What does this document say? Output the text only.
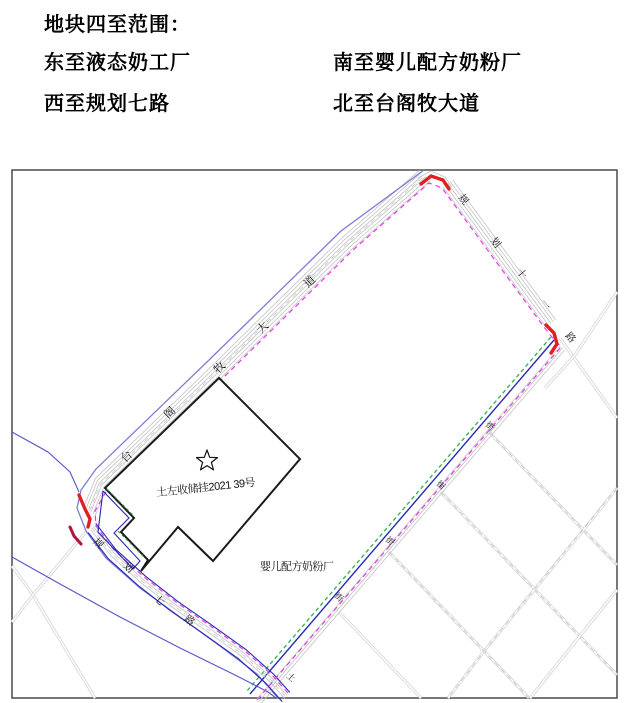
地块四至范围：
东至液态奶工厂	南至婴儿配方奶粉厂
西至规划七路	北至台阁牧大道
台
阁
牧
大
道
规
划
十
一
路
规
划
七
路
街
街
街
街
土
土左收储挂2021 39号
婴儿配方奶粉厂
